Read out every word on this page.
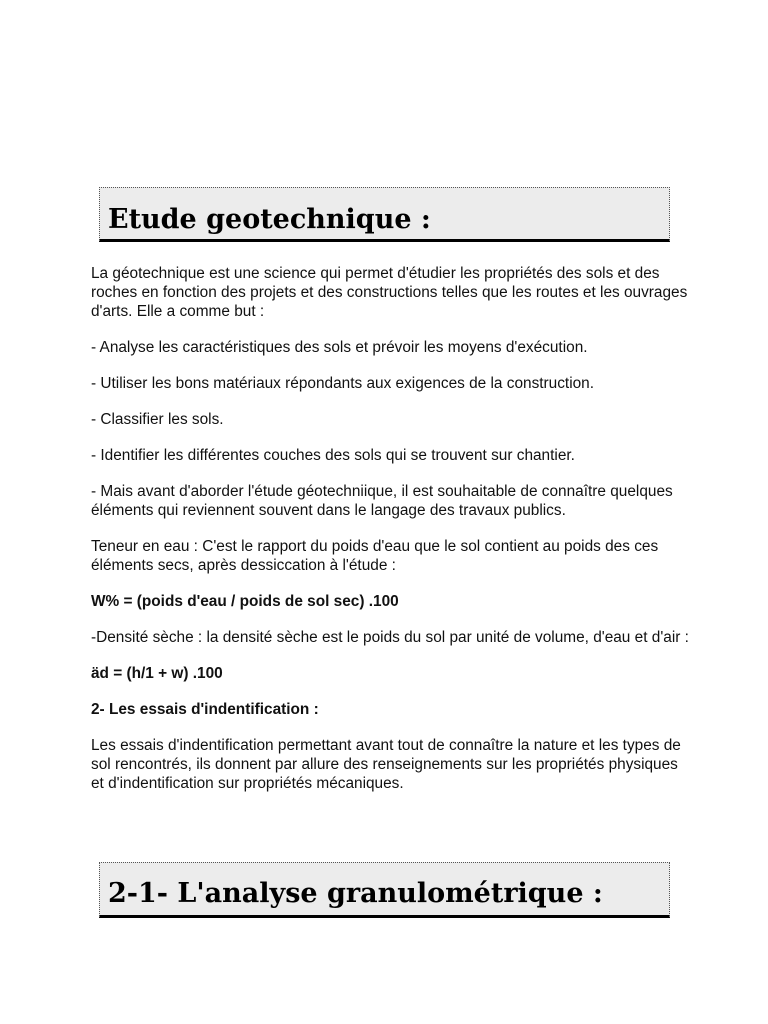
Etude geotechnique :

La géotechnique est une science qui permet d'étudier les propriétés des sols et des roches en fonction des projets et des constructions telles que les routes et les ouvrages d'arts. Elle a comme but :

- Analyse les caractéristiques des sols et prévoir les moyens d'exécution.

- Utiliser les bons matériaux répondants aux exigences de la construction.

- Classifier les sols.

- Identifier les différentes couches des sols qui se trouvent sur chantier.

- Mais avant d'aborder l'étude géotechniique, il est souhaitable de connaître quelques éléments qui reviennent souvent dans le langage des travaux publics.

Teneur en eau : C'est le rapport du poids d'eau que le sol contient au poids des ces éléments secs, après dessiccation à l'étude :

W% = (poids d'eau / poids de sol sec) .100

-Densité sèche : la densité sèche est le poids du sol par unité de volume, d'eau et d'air :

äd = (h/1 + w) .100

2- Les essais d'indentification :

Les essais d'indentification permettant avant tout de connaître la nature et les types de sol rencontrés, ils donnent par allure des renseignements sur les propriétés physiques et d'indentification sur propriétés mécaniques.

2-1- L'analyse granulométrique :
